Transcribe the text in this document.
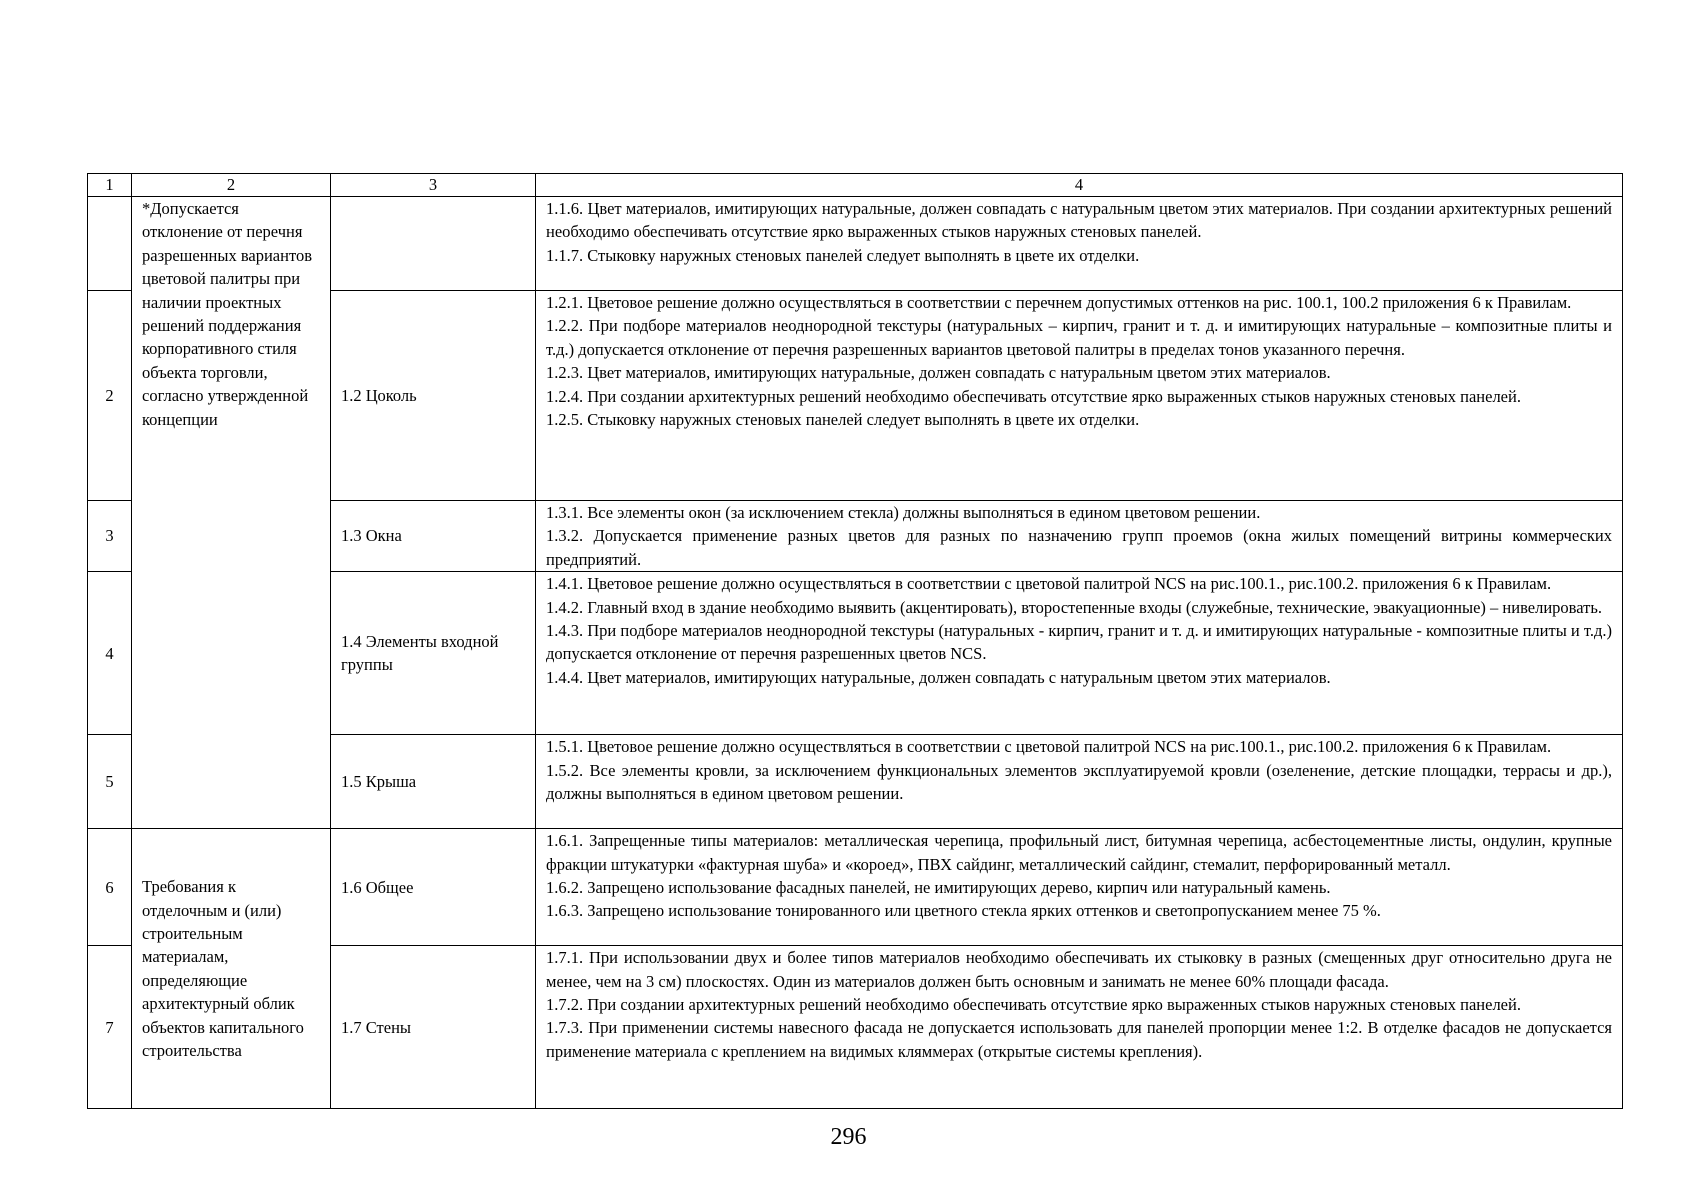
1	2	3	4
	*Допускается отклонение от перечня разрешенных вариантов цветовой палитры при наличии проектных решений поддержания корпоративного стиля объекта торговли, согласно утвержденной концепции		1.1.6. Цвет материалов, имитирующих натуральные, должен совпадать с натуральным цветом этих материалов. При создании архитектурных решений необходимо обеспечивать отсутствие ярко выраженных стыков наружных стеновых панелей.

1.1.7. Стыковку наружных стеновых панелей следует выполнять в цвете их отделки.

2		1.2 Цоколь	1.2.1. Цветовое решение должно осуществляться в соответствии с перечнем допустимых оттенков на рис. 100.1, 100.2 приложения 6 к Правилам.

1.2.2. При подборе материалов неоднородной текстуры (натуральных – кирпич, гранит и т. д. и имитирующих натуральные – композитные плиты и т.д.) допускается отклонение от перечня разрешенных вариантов цветовой палитры в пределах тонов указанного перечня.

1.2.3. Цвет материалов, имитирующих натуральные, должен совпадать с натуральным цветом этих материалов.

1.2.4. При создании архитектурных решений необходимо обеспечивать отсутствие ярко выраженных стыков наружных стеновых панелей.

1.2.5. Стыковку наружных стеновых панелей следует выполнять в цвете их отделки.

3		1.3 Окна	1.3.1. Все элементы окон (за исключением стекла) должны выполняться в едином цветовом решении.

1.3.2. Допускается применение разных цветов для разных по назначению групп проемов (окна жилых помещений витрины коммерческих предприятий.

4		1.4 Элементы входной группы	1.4.1. Цветовое решение должно осуществляться в соответствии с цветовой палитрой NCS на рис.100.1., рис.100.2. приложения 6 к Правилам.

1.4.2. Главный вход в здание необходимо выявить (акцентировать), второстепенные входы (служебные, технические, эвакуационные) – нивелировать.

1.4.3. При подборе материалов неоднородной текстуры (натуральных - кирпич, гранит и т. д. и имитирующих натуральные - композитные плиты и т.д.) допускается отклонение от перечня разрешенных цветов NCS.

1.4.4. Цвет материалов, имитирующих натуральные, должен совпадать с натуральным цветом этих материалов.

5		1.5 Крыша	1.5.1. Цветовое решение должно осуществляться в соответствии с цветовой палитрой NCS на рис.100.1., рис.100.2. приложения 6 к Правилам.

1.5.2. Все элементы кровли, за исключением функциональных элементов эксплуатируемой кровли (озеленение, детские площадки, террасы и др.), должны выполняться в едином цветовом решении.

6	Требования к отделочным и (или) строительным материалам, определяющие архитектурный облик объектов капитального строительства	1.6 Общее	1.6.1. Запрещенные типы материалов: металлическая черепица, профильный лист, битумная черепица, асбестоцементные листы, ондулин, крупные фракции штукатурки «фактурная шуба» и «короед», ПВХ сайдинг, металлический сайдинг, стемалит, перфорированный металл.

1.6.2. Запрещено использование фасадных панелей, не имитирующих дерево, кирпич или натуральный камень.

1.6.3. Запрещено использование тонированного или цветного стекла ярких оттенков и светопропусканием менее 75 %.

7		1.7 Стены	1.7.1. При использовании двух и более типов материалов необходимо обеспечивать их стыковку в разных (смещенных друг относительно друга не менее, чем на 3 см) плоскостях. Один из материалов должен быть основным и занимать не менее 60% площади фасада.

1.7.2. При создании архитектурных решений необходимо обеспечивать отсутствие ярко выраженных стыков наружных стеновых панелей.

1.7.3. При применении системы навесного фасада не допускается использовать для панелей пропорции менее 1:2. В отделке фасадов не допускается применение материала с креплением на видимых кляммерах (открытые системы крепления).

296
